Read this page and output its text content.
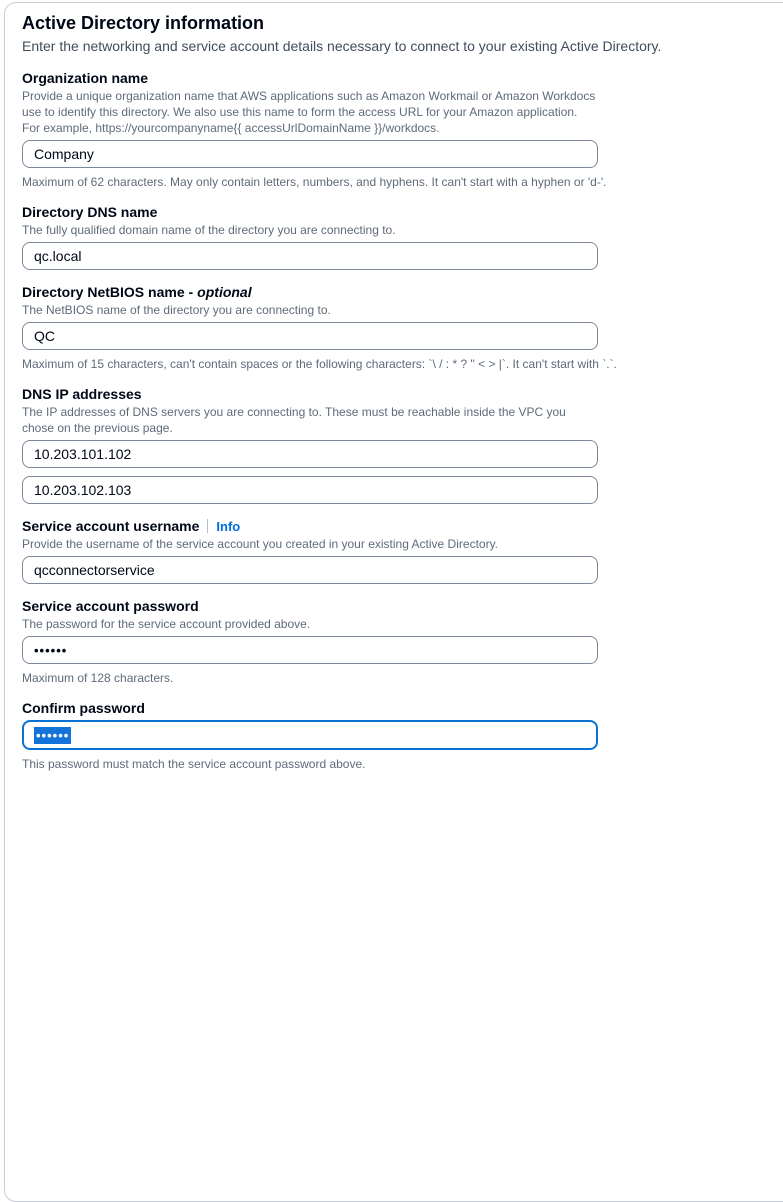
Active Directory information
Enter the networking and service account details necessary to connect to your existing Active Directory.
Organization name
Provide a unique organization name that AWS applications such as Amazon Workmail or Amazon Workdocs use to identify this directory. We also use this name to form the access URL for your Amazon application. For example, https://yourcompanyname{{ accessUrlDomainName }}/workdocs.
Company
Maximum of 62 characters. May only contain letters, numbers, and hyphens. It can't start with a hyphen or 'd-'.
Directory DNS name
The fully qualified domain name of the directory you are connecting to.
qc.local
Directory NetBIOS name - optional
The NetBIOS name of the directory you are connecting to.
QC
Maximum of 15 characters, can't contain spaces or the following characters: `\ / : * ? " < > |`. It can't start with `.`.
DNS IP addresses
The IP addresses of DNS servers you are connecting to. These must be reachable inside the VPC you chose on the previous page.
10.203.101.102
10.203.102.103
Service account username Info
Provide the username of the service account you created in your existing Active Directory.
qcconnectorservice
Service account password
The password for the service account provided above.
••••••
Maximum of 128 characters.
Confirm password
••••••
This password must match the service account password above.
